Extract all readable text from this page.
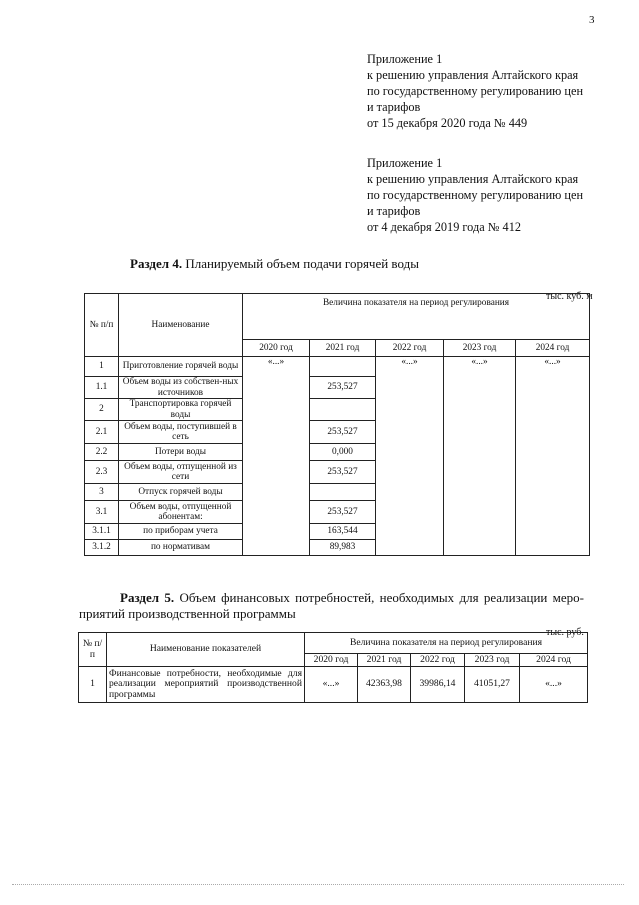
3
Приложение 1
к решению управления Алтайского края
по государственному регулированию цен
и тарифов
от 15 декабря 2020 года № 449
Приложение 1
к решению управления Алтайского края
по государственному регулированию цен
и тарифов
от 4 декабря 2019 года № 412
Раздел 4. Планируемый объем подачи горячей воды
тыс. куб. м
№ п/п	Наименование	Величина показателя на период регулирования				
		2020 год	2021 год	2022 год	2023 год	2024 год
1	Приготовление горячей воды	«...»		«...»	«...»	«...»
1.1	Объем воды из собствен-ных источников		253,527			
2	Транспортировка горячей воды					
2.1	Объем воды, поступившей в сеть		253,527			
2.2	Потери воды		0,000			
2.3	Объем воды, отпущенной из сети		253,527			
3	Отпуск горячей воды					
3.1	Объем воды, отпущенной абонентам:		253,527			
3.1.1	по приборам учета		163,544			
3.1.2	по нормативам		89,983			
Раздел 5. Объем финансовых потребностей, необходимых для реализации меро-
приятий производственной программы
тыс. руб.
№ п/п	Наименование показателей	Величина показателя на период регулирования				
		2020 год	2021 год	2022 год	2023 год	2024 год
1	Финансовые потребности, необходимые для реализации мероприятий производственной программы	«...»	42363,98	39986,14	41051,27	«...»
